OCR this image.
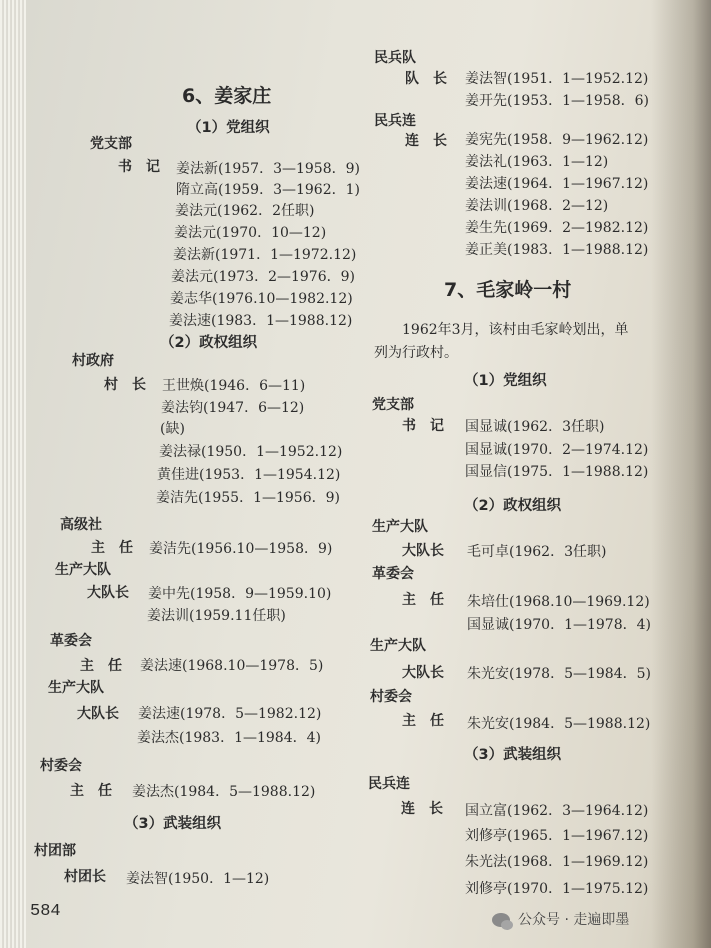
6、姜家庄
（1）党组织
党支部
书　记 姜法新(1957．3—1958．9)
隋立高(1959．3—1962．1)
姜法元(1962．2任职)
姜法元(1970．10—12)
姜法新(1971．1—1972.12)
姜法元(1973．2—1976．9)
姜志华(1976.10—1982.12)
姜法速(1983．1—1988.12)
（2）政权组织
村政府
村　长 王世焕(1946．6—11)
姜法钧(1947．6—12)
(缺)
姜法禄(1950．1—1952.12)
黄佳进(1953．1—1954.12)
姜洁先(1955．1—1956．9)
高级社
主　任 姜洁先(1956.10—1958．9)
生产大队
大队长 姜中先(1958．9—1959.10)
姜法训(1959.11任职)
革委会
主　任 姜法速(1968.10—1978．5)
生产大队
大队长 姜法速(1978．5—1982.12)
姜法杰(1983．1—1984．4)
村委会
主　任 姜法杰(1984．5—1988.12)
（3）武装组织
村团部
村团长 姜法智(1950．1—12)
584
民兵队
队　长 姜法智(1951．1—1952.12)
姜开先(1953．1—1958．6)
民兵连
连　长 姜宪先(1958．9—1962.12)
姜法礼(1963．1—12)
姜法速(1964．1—1967.12)
姜法训(1968．2—12)
姜生先(1969．2—1982.12)
姜正美(1983．1—1988.12)
7、毛家岭一村
1962年3月，该村由毛家岭划出，单
列为行政村。
（1）党组织
党支部
书　记 国显诚(1962．3任职)
国显诚(1970．2—1974.12)
国显信(1975．1—1988.12)
（2）政权组织
生产大队
大队长 毛可卓(1962．3任职)
革委会
主　任 朱培仕(1968.10—1969.12)
国显诚(1970．1—1978．4)
生产大队
大队长 朱光安(1978．5—1984．5)
村委会
主　任 朱光安(1984．5—1988.12)
（3）武装组织
民兵连
连　长 国立富(1962．3—1964.12)
刘修亭(1965．1—1967.12)
朱光法(1968．1—1969.12)
刘修亭(1970．1—1975.12)
公众号 · 走遍即墨
